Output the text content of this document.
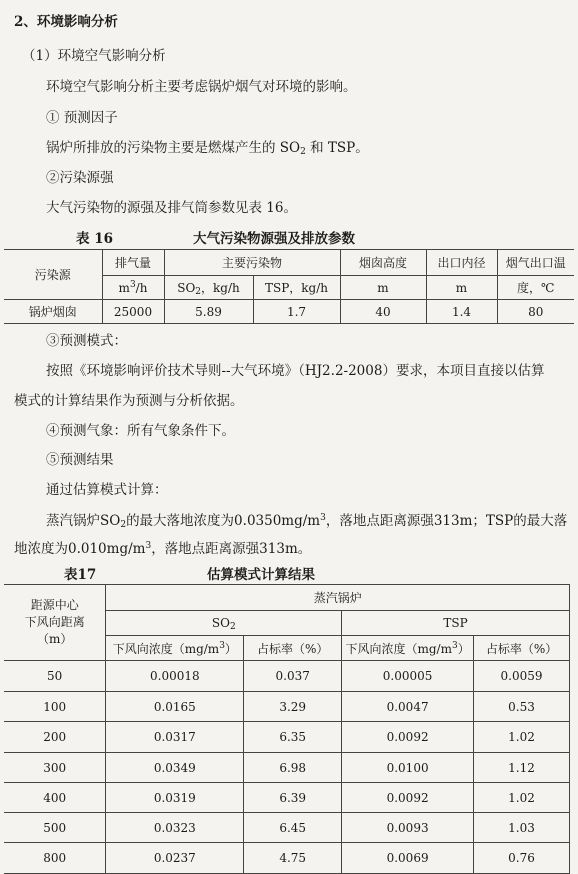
2、环境影响分析
（1）环境空气影响分析
环境空气影响分析主要考虑锅炉烟气对环境的影响。
① 预测因子
锅炉所排放的污染物主要是燃煤产生的 $SO_2$ 和 TSP。
②污染源强
大气污染物的源强及排气筒参数见表 16。
表 16	大气污染物源强及排放参数
污染源	排气量	主要污染物		烟囱高度	出口内径	烟气出口温
	$m^3/h$	$SO_2$，kg/h	TSP，kg/h	m	m	度，℃
锅炉烟囱	25000	5.89	1.7	40	1.4	80
③预测模式：
按照《环境影响评价技术导则--大气环境》（HJ2.2-2008）要求，本项目直接以估算
模式的计算结果作为预测与分析依据。
④预测气象：所有气象条件下。
⑤预测结果
通过估算模式计算：
蒸汽锅炉$SO_2$的最大落地浓度为$0.0350mg/m^3$，落地点距离源强313m；TSP的最大落
地浓度为$0.010mg/m^3$，落地点距离源强313m。
表17	估算模式计算结果
距源中心
下风向距离
（m）	蒸汽锅炉			
	$SO_2$		TSP	
	下风向浓度$(mg/m^3)$	占标率（%）	下风向浓度$(mg/m^3)$	占标率（%）
50	0.00018	0.037	0.00005	0.0059
100	0.0165	3.29	0.0047	0.53
200	0.0317	6.35	0.0092	1.02
300	0.0349	6.98	0.0100	1.12
400	0.0319	6.39	0.0092	1.02
500	0.0323	6.45	0.0093	1.03
800	0.0237	4.75	0.0069	0.76
